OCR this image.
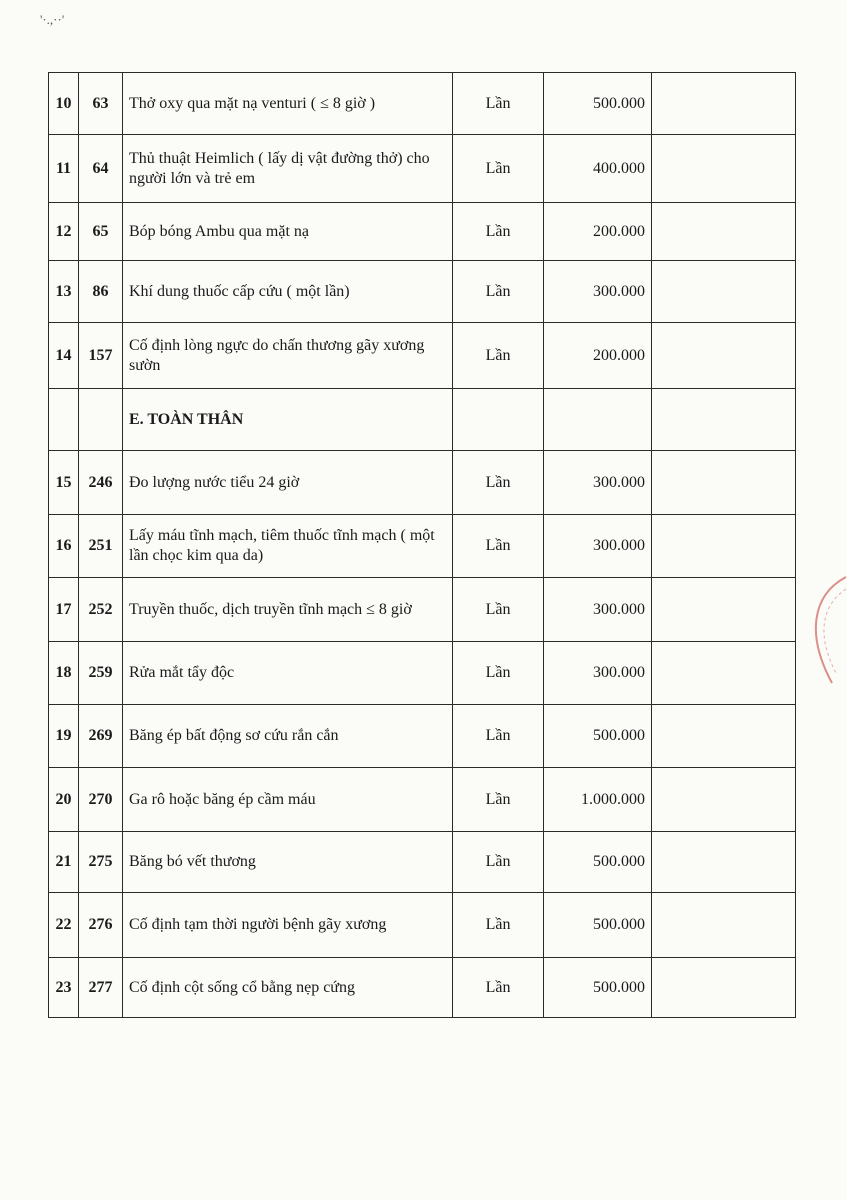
'·.,··'
10	63	Thở oxy qua mặt nạ venturi ( ≤ 8 giờ )	Lần	500.000	
11	64	Thủ thuật Heimlich ( lấy dị vật đường thở) cho người lớn và trẻ em	Lần	400.000	
12	65	Bóp bóng Ambu qua mặt nạ	Lần	200.000	
13	86	Khí dung thuốc cấp cứu ( một lần)	Lần	300.000	
14	157	Cố định lòng ngực do chấn thương gãy xương sườn	Lần	200.000	
		E. TOÀN THÂN			
15	246	Đo lượng nước tiểu 24 giờ	Lần	300.000	
16	251	Lấy máu tĩnh mạch, tiêm thuốc tĩnh mạch ( một lần chọc kim qua da)	Lần	300.000	
17	252	Truyền thuốc, dịch truyền tĩnh mạch ≤ 8 giờ	Lần	300.000	
18	259	Rửa mắt tẩy độc	Lần	300.000	
19	269	Băng ép bất động sơ cứu rắn cắn	Lần	500.000	
20	270	Ga rô hoặc băng ép cầm máu	Lần	1.000.000	
21	275	Băng bó vết thương	Lần	500.000	
22	276	Cố định tạm thời người bệnh gãy xương	Lần	500.000	
23	277	Cố định cột sống cổ bằng nẹp cứng	Lần	500.000	
